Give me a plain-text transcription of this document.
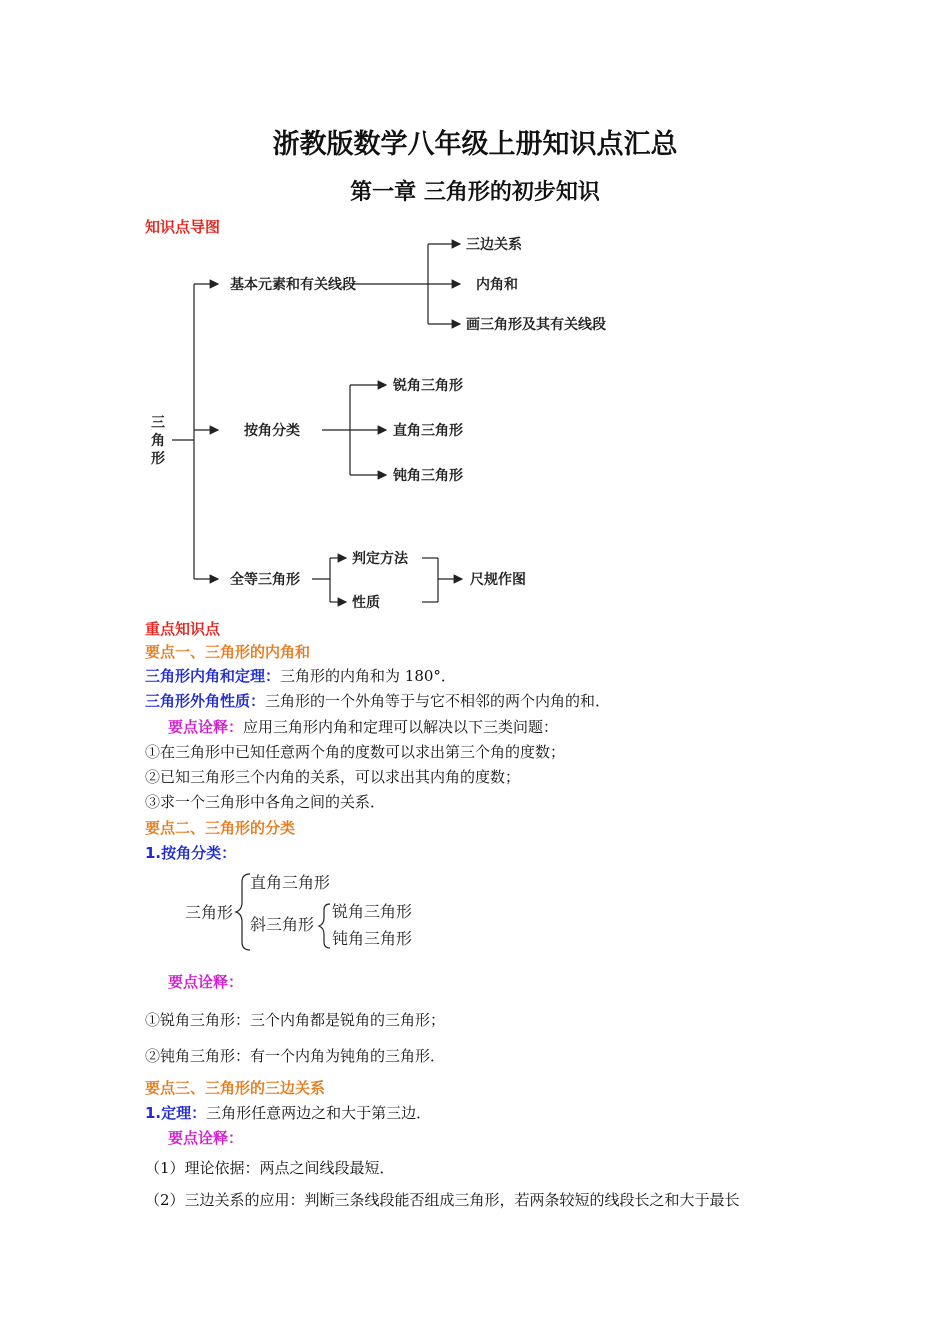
浙教版数学八年级上册知识点汇总
第一章 三角形的初步知识
知识点导图
三
角
形
基本元素和有关线段
三边关系
内角和
画三角形及其有关线段
按角分类
锐角三角形
直角三角形
钝角三角形
全等三角形
判定方法
性质
尺规作图
重点知识点
要点一、三角形的内角和
三角形内角和定理：三角形的内角和为 180°．
三角形外角性质：三角形的一个外角等于与它不相邻的两个内角的和．
要点诠释：应用三角形内角和定理可以解决以下三类问题：
①在三角形中已知任意两个角的度数可以求出第三个角的度数；
②已知三角形三个内角的关系，可以求出其内角的度数；
③求一个三角形中各角之间的关系．
要点二、三角形的分类
1.按角分类：
三角形
直角三角形
斜三角形
锐角三角形
钝角三角形
要点诠释：
①锐角三角形：三个内角都是锐角的三角形；
②钝角三角形：有一个内角为钝角的三角形．
要点三、三角形的三边关系
1.定理：三角形任意两边之和大于第三边．
要点诠释：
（1）理论依据：两点之间线段最短．
（2）三边关系的应用：判断三条线段能否组成三角形，若两条较短的线段长之和大于最长
